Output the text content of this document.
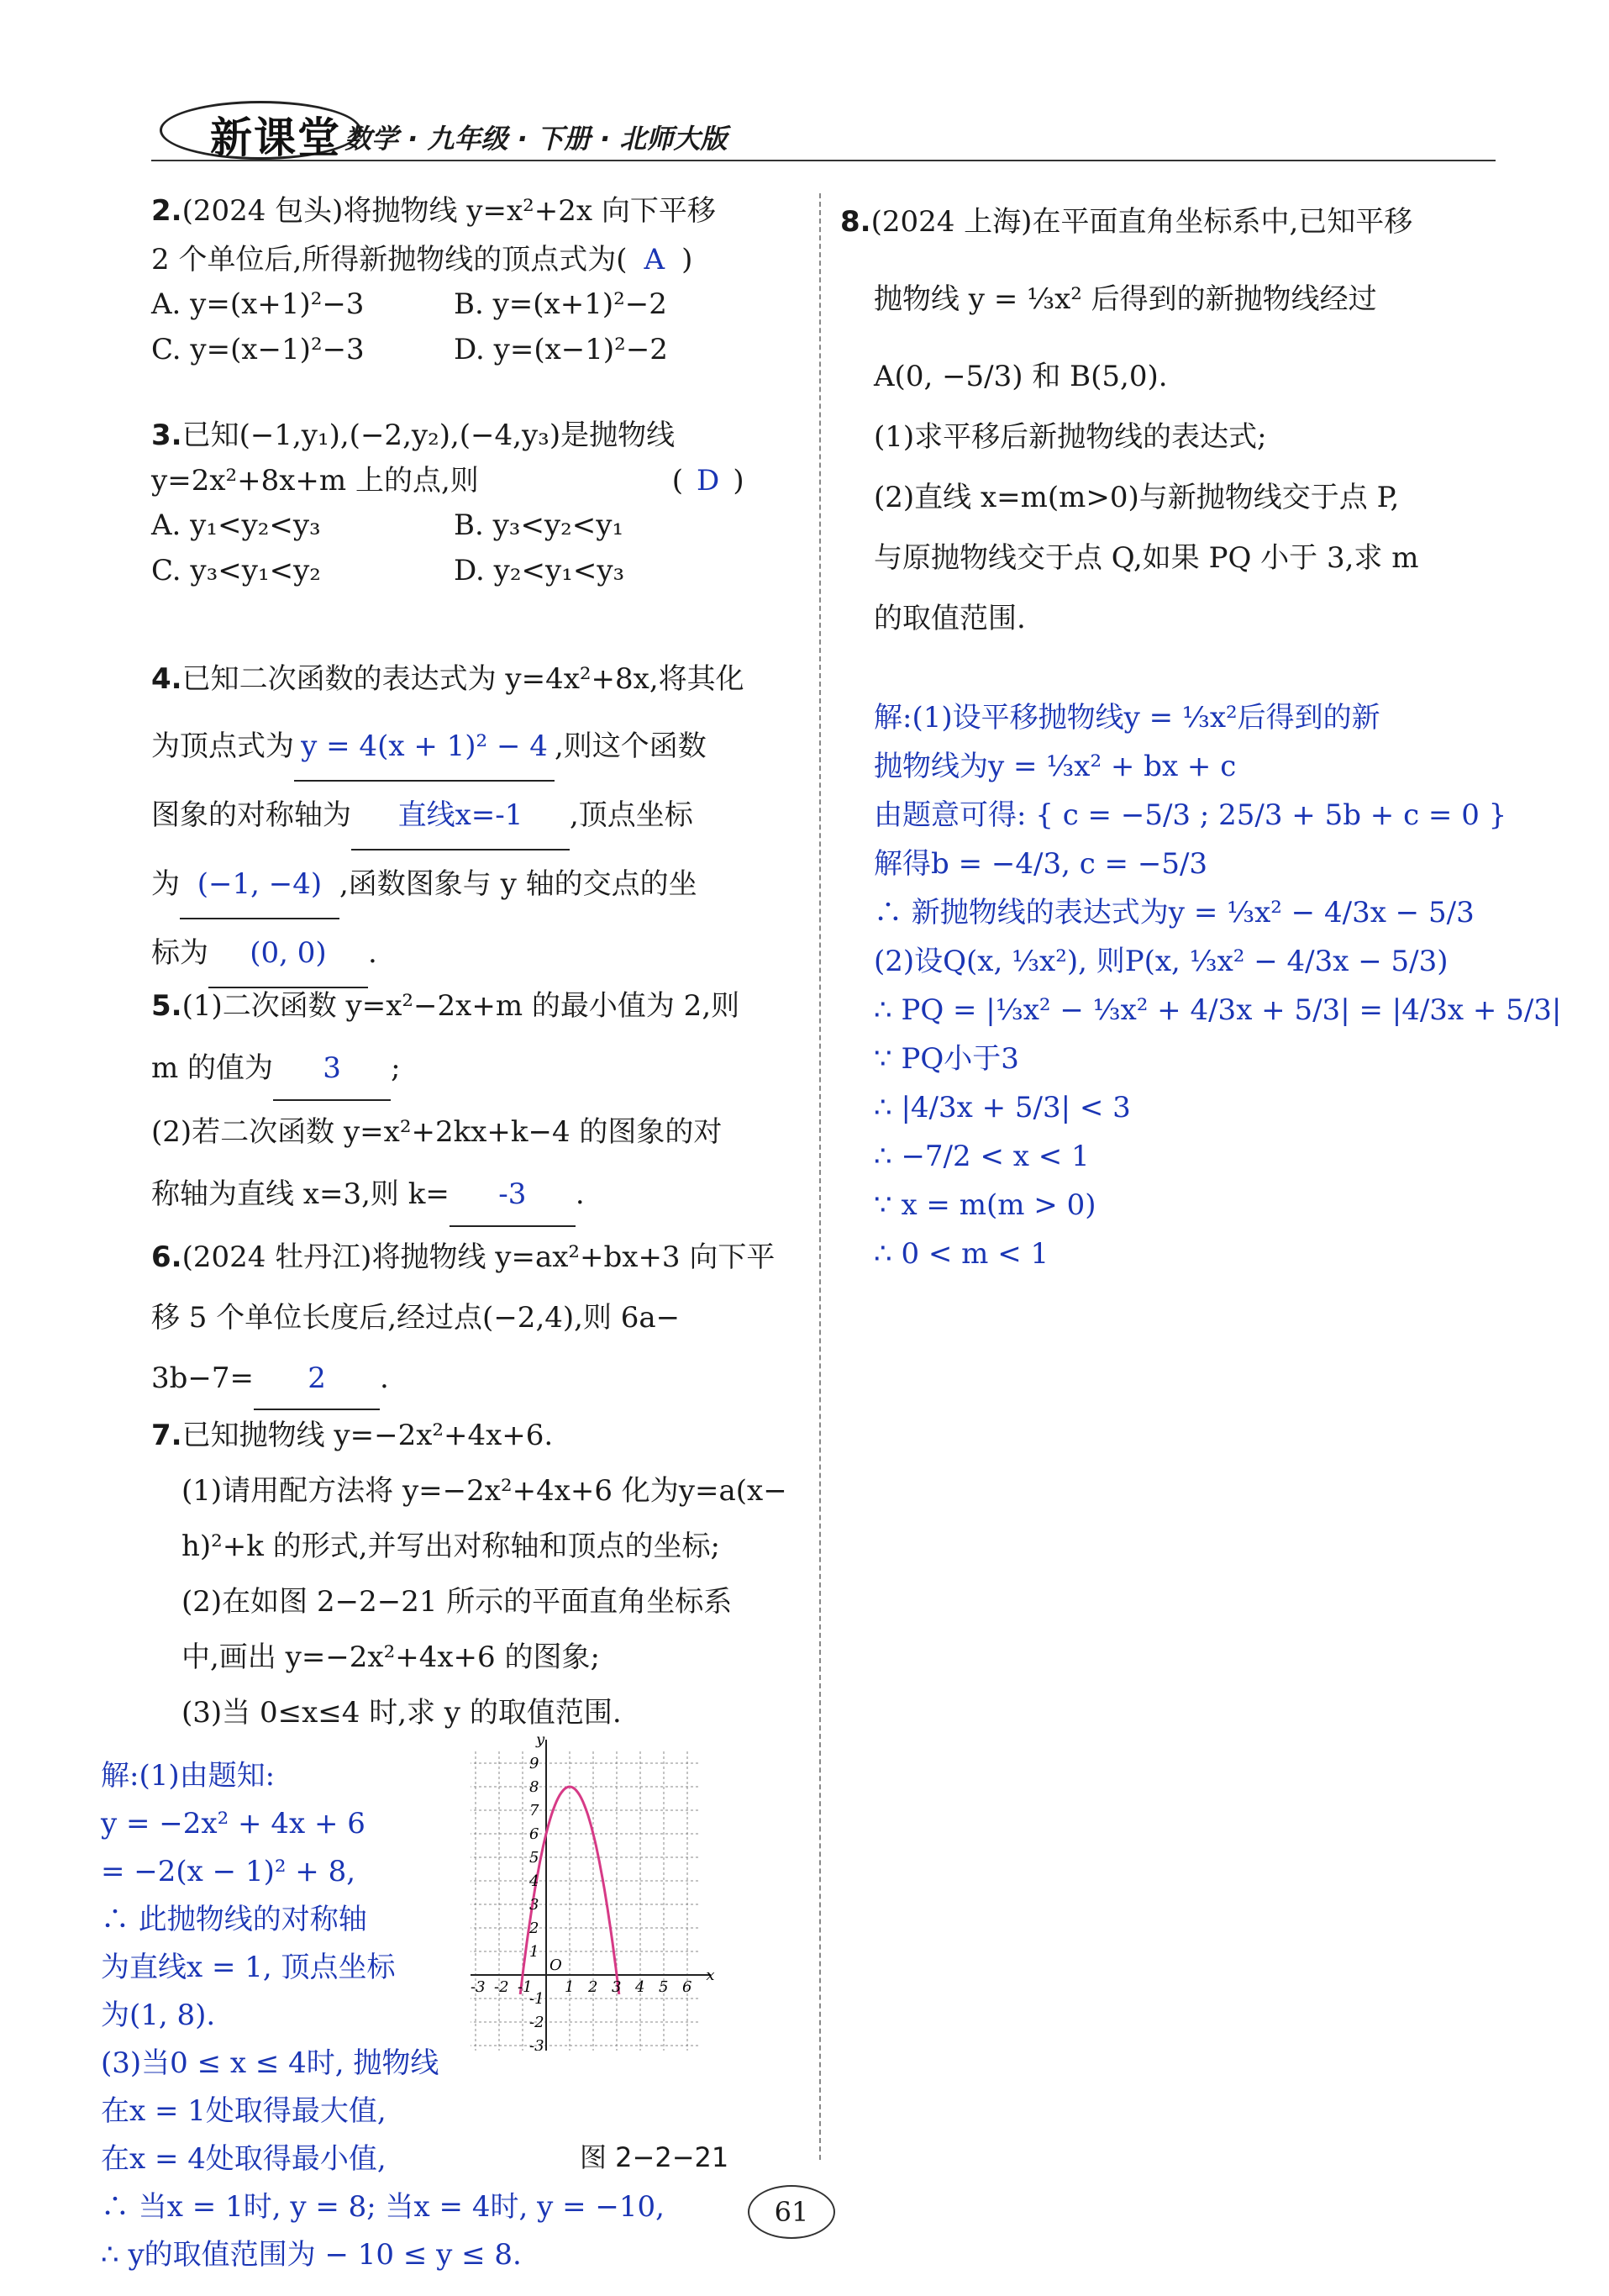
新课堂 数学 · 九年级 · 下册 · 北师大版
2.(2024 包头)将抛物线 y=x²+2x 向下平移
2 个单位后,所得新抛物线的顶点式为( A )
A. y=(x+1)²−3	B. y=(x+1)²−2
C. y=(x−1)²−3	D. y=(x−1)²−2
3.已知(−1,y₁),(−2,y₂),(−4,y₃)是抛物线
y=2x²+8x+m 上的点,则	( D )
A. y₁<y₂<y₃	B. y₃<y₂<y₁
C. y₃<y₁<y₂	D. y₂<y₁<y₃
4.已知二次函数的表达式为 y=4x²+8x,将其化
为顶点式为 y = 4(x + 1)² − 4 ,则这个函数
图象的对称轴为 直线x=-1 ,顶点坐标
为 (−1, −4) ,函数图象与 y 轴的交点的坐
标为 (0, 0) .
5.(1)二次函数 y=x²−2x+m 的最小值为 2,则
m 的值为 3 ;
(2)若二次函数 y=x²+2kx+k−4 的图象的对
称轴为直线 x=3,则 k= -3 .
6.(2024 牡丹江)将抛物线 y=ax²+bx+3 向下平
移 5 个单位长度后,经过点(−2,4),则 6a−
3b−7= 2 .
7.已知抛物线 y=−2x²+4x+6.
(1)请用配方法将 y=−2x²+4x+6 化为y=a(x−
h)²+k 的形式,并写出对称轴和顶点的坐标;
(2)在如图 2−2−21 所示的平面直角坐标系
中,画出 y=−2x²+4x+6 的图象;
(3)当 0≤x≤4 时,求 y 的取值范围.
解:(1)由题知:
y = −2x² + 4x + 6
= −2(x − 1)² + 8,
∴ 此抛物线的对称轴
为直线x = 1, 顶点坐标
为(1, 8).
(3)当0 ≤ x ≤ 4时, 抛物线
在x = 1处取得最大值,
在x = 4处取得最小值,
∴ 当x = 1时, y = 8; 当x = 4时, y = −10,
∴ y的取值范围为 − 10 ≤ y ≤ 8.
-3 -2 -1 1 2 3 4 5 6
9
8
7
6
5
4
3
2
1
-1
-2
-3
O
x
y
图 2−2−21
8.(2024 上海)在平面直角坐标系中,已知平移
抛物线 y = ⅓x² 后得到的新抛物线经过
A(0, −5/3) 和 B(5,0).
(1)求平移后新抛物线的表达式;
(2)直线 x=m(m>0)与新抛物线交于点 P,
与原抛物线交于点 Q,如果 PQ 小于 3,求 m
的取值范围.
解:(1)设平移抛物线y = ⅓x²后得到的新
抛物线为y = ⅓x² + bx + c
由题意可得: { c = −5/3 ; 25/3 + 5b + c = 0 }
解得b = −4/3, c = −5/3
∴ 新抛物线的表达式为y = ⅓x² − 4/3x − 5/3
(2)设Q(x, ⅓x²), 则P(x, ⅓x² − 4/3x − 5/3)
∴ PQ = |⅓x² − ⅓x² + 4/3x + 5/3| = |4/3x + 5/3|
∵ PQ小于3
∴ |4/3x + 5/3| < 3
∴ −7/2 < x < 1
∵ x = m(m > 0)
∴ 0 < m < 1
61
